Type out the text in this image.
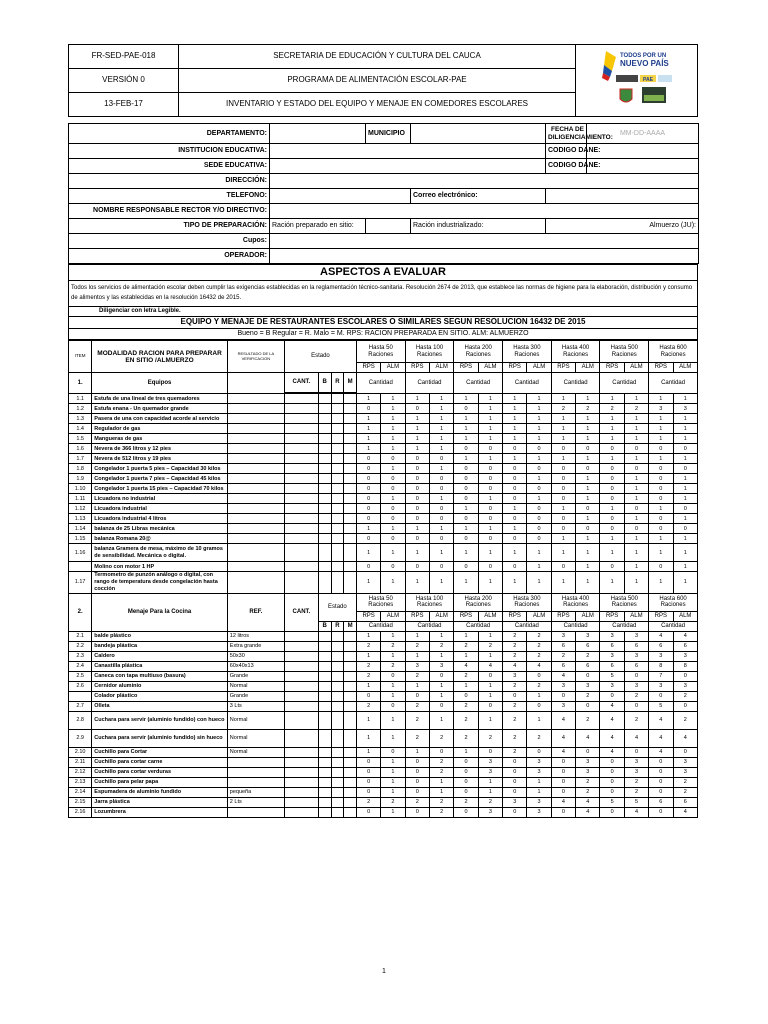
FR-SED-PAE-018	SECRETARIA DE EDUCACIÓN Y CULTURA DEL CAUCA	TODOS POR UN
NUEVO PAÍS
PAE

VERSIÓN 0	PROGRAMA DE ALIMENTACIÓN ESCOLAR-PAE	
13-FEB-17	INVENTARIO Y ESTADO DEL EQUIPO Y MENAJE EN COMEDORES ESCOLARES	
DEPARTAMENTO:		MUNICIPIO		FECHA DE DILIGENCIAMIENTO:	MM-DD-AAAA
INSTITUCION EDUCATIVA:				CODIGO DANE:	
SEDE EDUCATIVA:				CODIGO DANE:	
DIRECCIÓN:					
TELEFONO:			Correo electrónico:		
NOMBRE RESPONSABLE RECTOR Y/O DIRECTIVO:					
TIPO DE PREPARACIÓN:	Ración preparado en sitio:		Ración industrializado:	Almuerzo (JU):	
Cupos:					
OPERADOR:					
ASPECTOS A EVALUAR
Todos los servicios de alimentación escolar deben cumplir las exigencias establecidas en la reglamentación técnico-sanitaria. Resolución 2674 de 2013, que establece las normas de higiene para la elaboración, distribución y consumo de alimentos y las establecidas en la resolución 16432 de 2015.
Diligenciar con letra Legible.
EQUIPO Y MENAJE DE RESTAURANTES ESCOLARES O SIMILARES SEGUN RESOLUCION 16432 DE 2015
Bueno = B Regular = R. Malo = M. RPS: RACION PREPARADA EN SITIO. ALM: ALMUERZO
ITEM	MODALIDAD RACION PARA PREPARAR EN SITIO /ALMUERZO	RESULTADO DE LA VERIFICACION	Estado				Hasta 50 Raciones		Hasta 100 Raciones		Hasta 200 Raciones		Hasta 300 Raciones		Hasta 400 Raciones		Hasta 500 Raciones		Hasta 600 Raciones	
							RPS	ALM	RPS	ALM	RPS	ALM	RPS	ALM	RPS	ALM	RPS	ALM	RPS	ALM
1.	Equipos		CANT.	B	R	M	Cantidad		Cantidad		Cantidad		Cantidad		Cantidad		Cantidad		Cantidad	

1.1	Estufa de una lineal de tres quemadores						1	1	1	1	1	1	1	1	1	1	1	1	1	1
1.2	Estufa enana - Un quemador grande						0	1	0	1	0	1	1	1	2	2	2	2	3	3
1.3	Pasera de una con capacidad acorde al servicio						1	1	1	1	1	1	1	1	1	1	1	1	1	1
1.4	Regulador de gas						1	1	1	1	1	1	1	1	1	1	1	1	1	1
1.5	Mangueras de gas						1	1	1	1	1	1	1	1	1	1	1	1	1	1
1.6	Nevera de 366 litros y 12 pies						1	1	1	1	0	0	0	0	0	0	0	0	0	0
1.7	Nevera de 512 litros y 19 pies						0	0	0	0	1	1	1	1	1	1	1	1	1	1
1.8	Congelador 1 puerta 5 pies – Capacidad 30 kilos						0	1	0	1	0	0	0	0	0	0	0	0	0	0
1.9	Congelador 1 puerta 7 pies – Capacidad 45 kilos						0	0	0	0	0	0	0	1	0	1	0	1	0	1
1.10	Congelador 1 puerta 15 pies – Capacidad 70 kilos						0	0	0	0	0	0	0	0	0	1	0	1	0	1
1.11	Licuadora no industrial						0	1	0	1	0	1	0	1	0	1	0	1	0	1
1.12	Licuadora industrial						0	0	0	0	1	0	1	0	1	0	1	0	1	0
1.13	Licuadora industrial 4 litros						0	0	0	0	0	0	0	0	0	1	0	1	0	1
1.14	balanza de 25 Libras mecánica						1	1	1	1	1	1	1	0	0	0	0	0	0	0
1.15	balanza Romana 20@						0	0	0	0	0	0	0	0	1	1	1	1	1	1
1.16	balanza Gramera de mesa, máximo de 10 gramos de sensibilidad. Mecánica o digital.						1	1	1	1	1	1	1	1	1	1	1	1	1	1
	Molino con motor 1 HP						0	0	0	0	0	0	0	1	0	1	0	1	0	1
1.17	Termometro de punzón análogo o digital, con rango de temperatura desde congelación hasta cocción						1	1	1	1	1	1	1	1	1	1	1	1	1	1
2.	Menaje Para la Cocina	REF.	CANT.	Estado			Hasta 50 Raciones		Hasta 100 Raciones		Hasta 200 Raciones		Hasta 300 Raciones		Hasta 400 Raciones		Hasta 500 Raciones		Hasta 600 Raciones	
							RPS	ALM	RPS	ALM	RPS	ALM	RPS	ALM	RPS	ALM	RPS	ALM	RPS	ALM
				B	R	M	Cantidad		Cantidad		Cantidad		Cantidad		Cantidad		Cantidad		Cantidad	
2.1	balde plástico	12 litros					1	1	1	1	1	1	2	2	3	3	3	3	4	4
2.2	bandeja plástica	Extra grande					2	2	2	2	2	2	2	2	6	6	6	6	6	6
2.3	Caldero	50x30					1	1	1	1	1	1	2	2	2	2	3	3	3	3
2.4	Canastilla plástica	60x40x13					2	2	3	3	4	4	4	4	6	6	6	6	8	8
2.5	Caneca con tapa multiuso (basura)	Grande					2	0	2	0	2	0	3	0	4	0	5	0	7	0
2.6	Cernidor aluminio	Normal					1	1	1	1	1	1	2	2	3	3	3	3	3	3
	Colador plástico	Grande					0	1	0	1	0	1	0	1	0	2	0	2	0	2
2.7	Olleta	3 Lts					2	0	2	0	2	0	2	0	3	0	4	0	5	0
2.8	Cuchara para servir (aluminio fundido) con hueco	Normal					1	1	2	1	2	1	2	1	4	2	4	2	4	2
2.9	Cuchara para servir (aluminio fundido) sin hueco	Normal					1	1	2	2	2	2	2	2	4	4	4	4	4	4
2.10	Cuchillo para Cortar	Normal					1	0	1	0	1	0	2	0	4	0	4	0	4	0
2.11	Cuchillo para cortar carne						0	1	0	2	0	3	0	3	0	3	0	3	0	3
2.12	Cuchillo para cortar verduras						0	1	0	2	0	3	0	3	0	3	0	3	0	3
2.13	Cuchillo para pelar papa						0	1	0	1	0	1	0	1	0	2	0	2	0	2
2.14	Espumadera de aluminio fundido	pequeña					0	1	0	1	0	1	0	1	0	2	0	2	0	2
2.15	Jarra plástica	2 Lts					2	2	2	2	2	2	3	3	4	4	5	5	6	6
2.16	Lozumbrera						0	1	0	2	0	3	0	3	0	4	0	4	0	4
1
